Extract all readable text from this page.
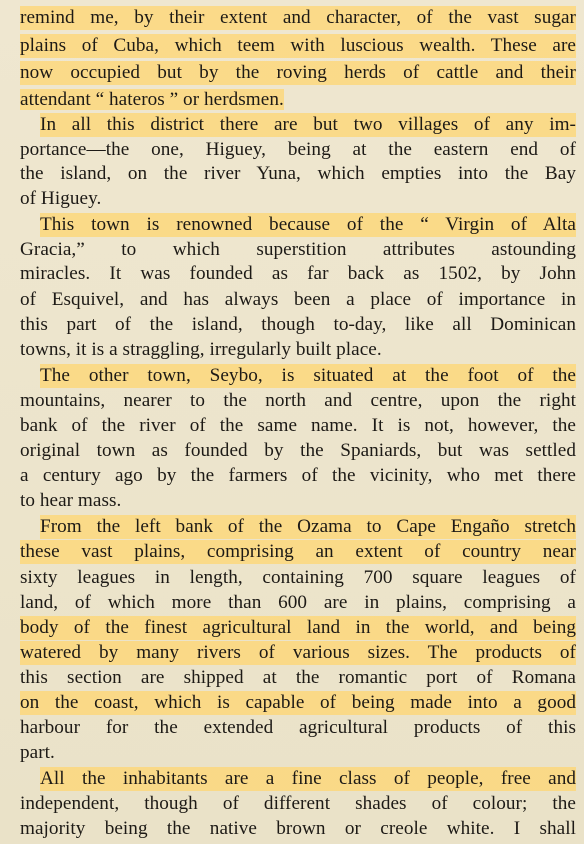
remind me, by their extent and character, of the vast sugar
plains of Cuba, which teem with luscious wealth. These are
now occupied but by the roving herds of cattle and their
attendant “ hateros ” or herdsmen.
In all this district there are but two villages of any im-
portance—the one, Higuey, being at the eastern end of
the island, on the river Yuna, which empties into the Bay
of Higuey.
This town is renowned because of the “ Virgin of Alta
Gracia,” to which superstition attributes astounding
miracles. It was founded as far back as 1502, by John
of Esquivel, and has always been a place of importance in
this part of the island, though to-day, like all Dominican
towns, it is a straggling, irregularly built place.
The other town, Seybo, is situated at the foot of the
mountains, nearer to the north and centre, upon the right
bank of the river of the same name. It is not, however, the
original town as founded by the Spaniards, but was settled
a century ago by the farmers of the vicinity, who met there
to hear mass.
From the left bank of the Ozama to Cape Engaño stretch
these vast plains, comprising an extent of country near
sixty leagues in length, containing 700 square leagues of
land, of which more than 600 are in plains, comprising a
body of the finest agricultural land in the world, and being
watered by many rivers of various sizes. The products of
this section are shipped at the romantic port of Romana
on the coast, which is capable of being made into a good
harbour for the extended agricultural products of this
part.
All the inhabitants are a fine class of people, free and
independent, though of different shades of colour; the
majority being the native brown or creole white. I shall
